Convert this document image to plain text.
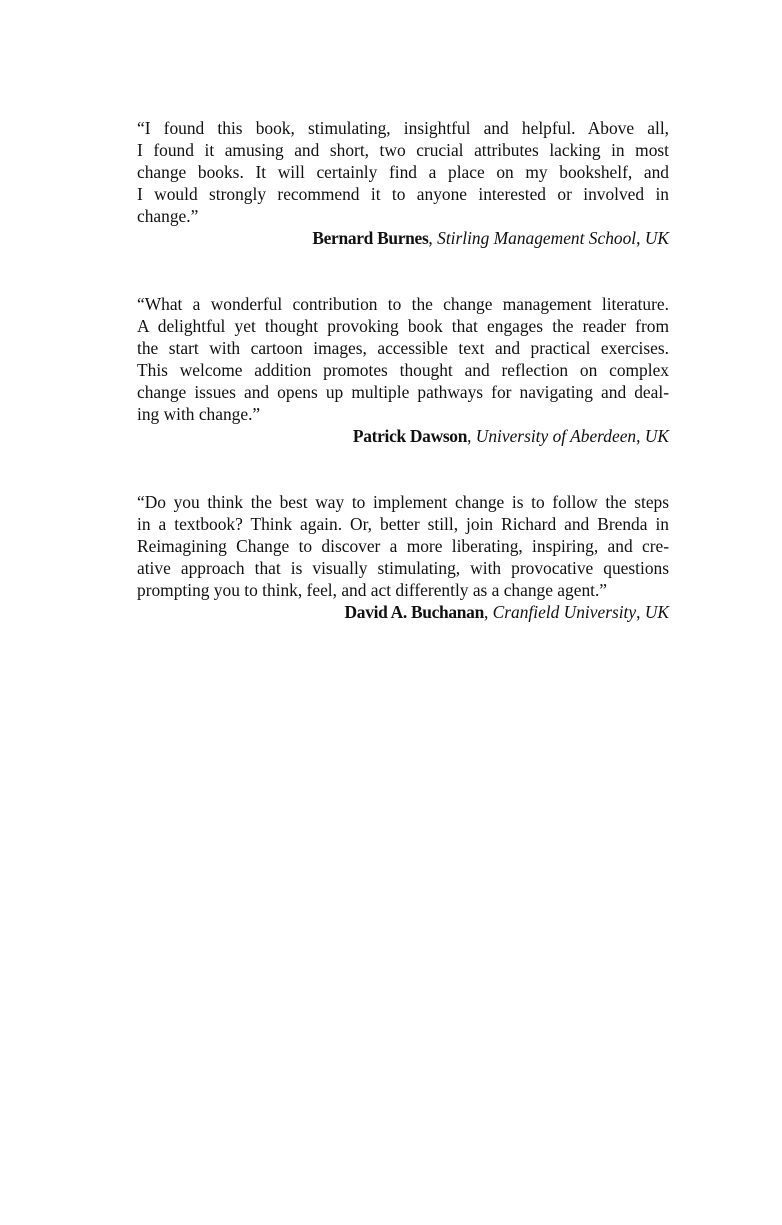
“I found this book, stimulating, insightful and helpful. Above all,
I found it amusing and short, two crucial attributes lacking in most
change books. It will certainly find a place on my bookshelf, and
I would strongly recommend it to anyone interested or involved in
change.”
Bernard Burnes, Stirling Management School, UK
“What a wonderful contribution to the change management literature.
A delightful yet thought provoking book that engages the reader from
the start with cartoon images, accessible text and practical exercises.
This welcome addition promotes thought and reflection on complex
change issues and opens up multiple pathways for navigating and deal-
ing with change.”
Patrick Dawson, University of Aberdeen, UK
“Do you think the best way to implement change is to follow the steps
in a textbook? Think again. Or, better still, join Richard and Brenda in
Reimagining Change to discover a more liberating, inspiring, and cre-
ative approach that is visually stimulating, with provocative questions
prompting you to think, feel, and act differently as a change agent.”
David A. Buchanan, Cranfield University, UK
